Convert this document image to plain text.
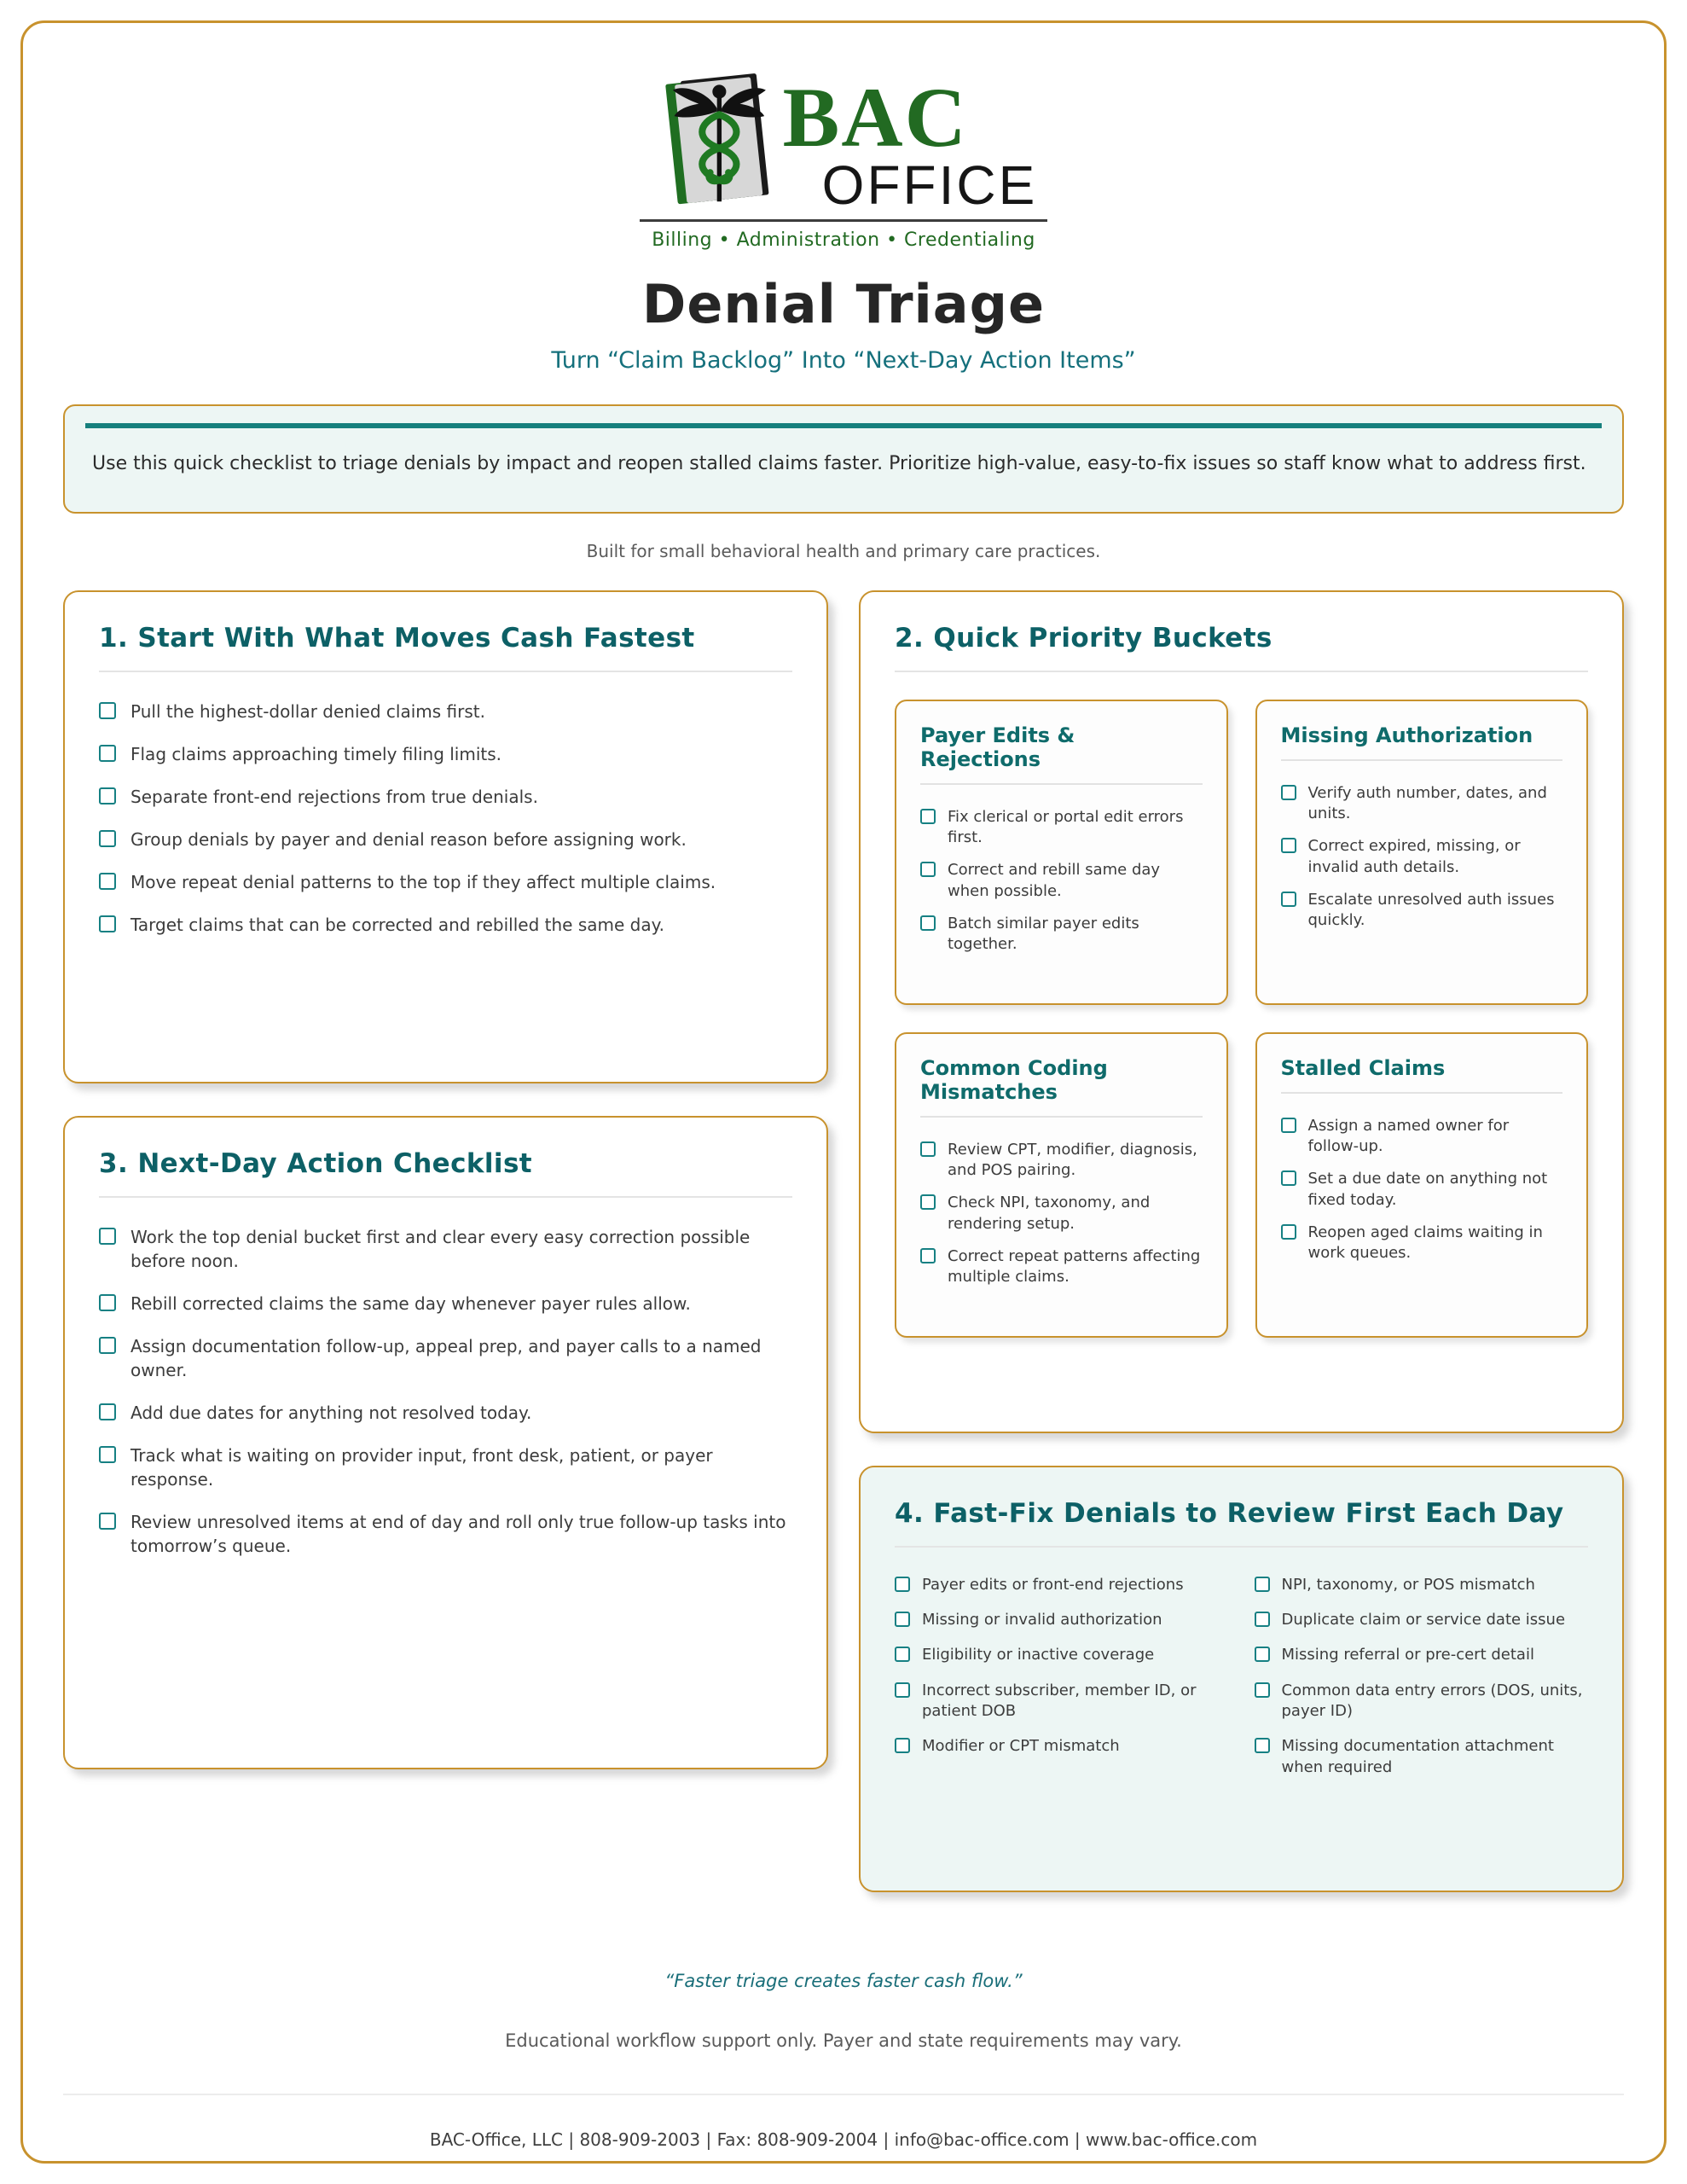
BAC
OFFICE
Billing • Administration • Credentialing
Denial Triage
Turn “Claim Backlog” Into “Next-Day Action Items”

Use this quick checklist to triage denials by impact and reopen stalled claims faster. Prioritize high-value, easy-to-fix issues so staff know what to address first.

Built for small behavioral health and primary care practices.
1. Start With What Moves Cash Fastest
Pull the highest-dollar denied claims first.
Flag claims approaching timely filing limits.
Separate front-end rejections from true denials.
Group denials by payer and denial reason before assigning work.
Move repeat denial patterns to the top if they affect multiple claims.
Target claims that can be corrected and rebilled the same day.
3. Next-Day Action Checklist
Work the top denial bucket first and clear every easy correction possible before noon.
Rebill corrected claims the same day whenever payer rules allow.
Assign documentation follow-up, appeal prep, and payer calls to a named owner.
Add due dates for anything not resolved today.
Track what is waiting on provider input, front desk, patient, or payer response.
Review unresolved items at end of day and roll only true follow-up tasks into tomorrow’s queue.
2. Quick Priority Buckets
Payer Edits & Rejections
Fix clerical or portal edit errors first.
Correct and rebill same day when possible.
Batch similar payer edits together.
Missing Authorization
Verify auth number, dates, and units.
Correct expired, missing, or invalid auth details.
Escalate unresolved auth issues quickly.
Common Coding Mismatches
Review CPT, modifier, diagnosis, and POS pairing.
Check NPI, taxonomy, and rendering setup.
Correct repeat patterns affecting multiple claims.
Stalled Claims
Assign a named owner for follow-up.
Set a due date on anything not fixed today.
Reopen aged claims waiting in work queues.
4. Fast-Fix Denials to Review First Each Day
Payer edits or front-end rejections
Missing or invalid authorization
Eligibility or inactive coverage
Incorrect subscriber, member ID, or patient DOB
Modifier or CPT mismatch
NPI, taxonomy, or POS mismatch
Duplicate claim or service date issue
Missing referral or pre-cert detail
Common data entry errors (DOS, units, payer ID)
Missing documentation attachment when required
“Faster triage creates faster cash flow.”
Educational workflow support only. Payer and state requirements may vary.
BAC-Office, LLC | 808-909-2003 | Fax: 808-909-2004 | info@bac-office.com | www.bac-office.com
